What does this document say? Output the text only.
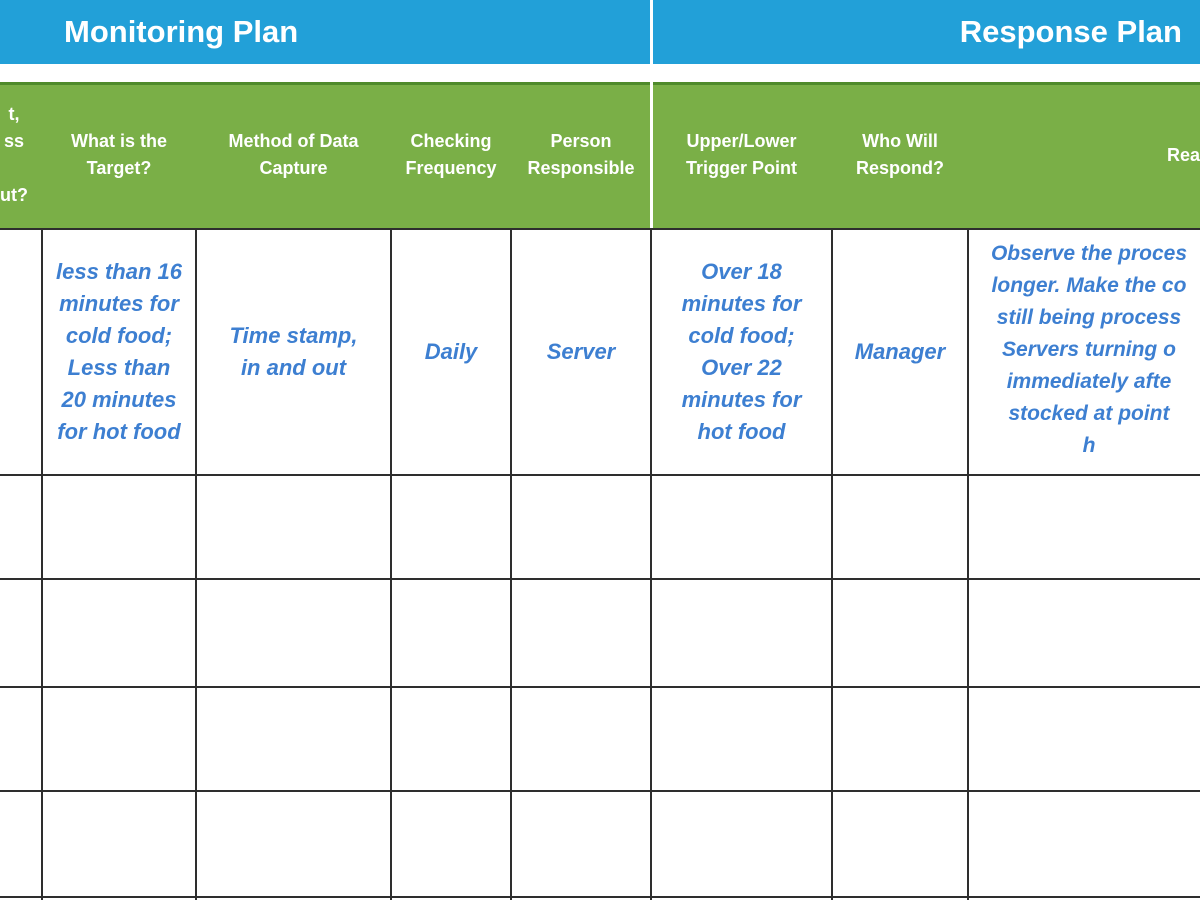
Monitoring Plan	Response Plan
t,
ss

ut?
What is the
Target?
Method of Data
Capture
Checking
Frequency
Person
Responsible
Upper/Lower
Trigger Point
Who Will
Respond?
Rea
less than 16
minutes for
cold food;
Less than
20 minutes
for hot food
Time stamp,
in and out
Daily	Server
Over 18
minutes for
cold food;
Over 22
minutes for
hot food
Manager
Observe the proces
longer. Make the co
still being process
Servers turning o
immediately afte
stocked at point
h
